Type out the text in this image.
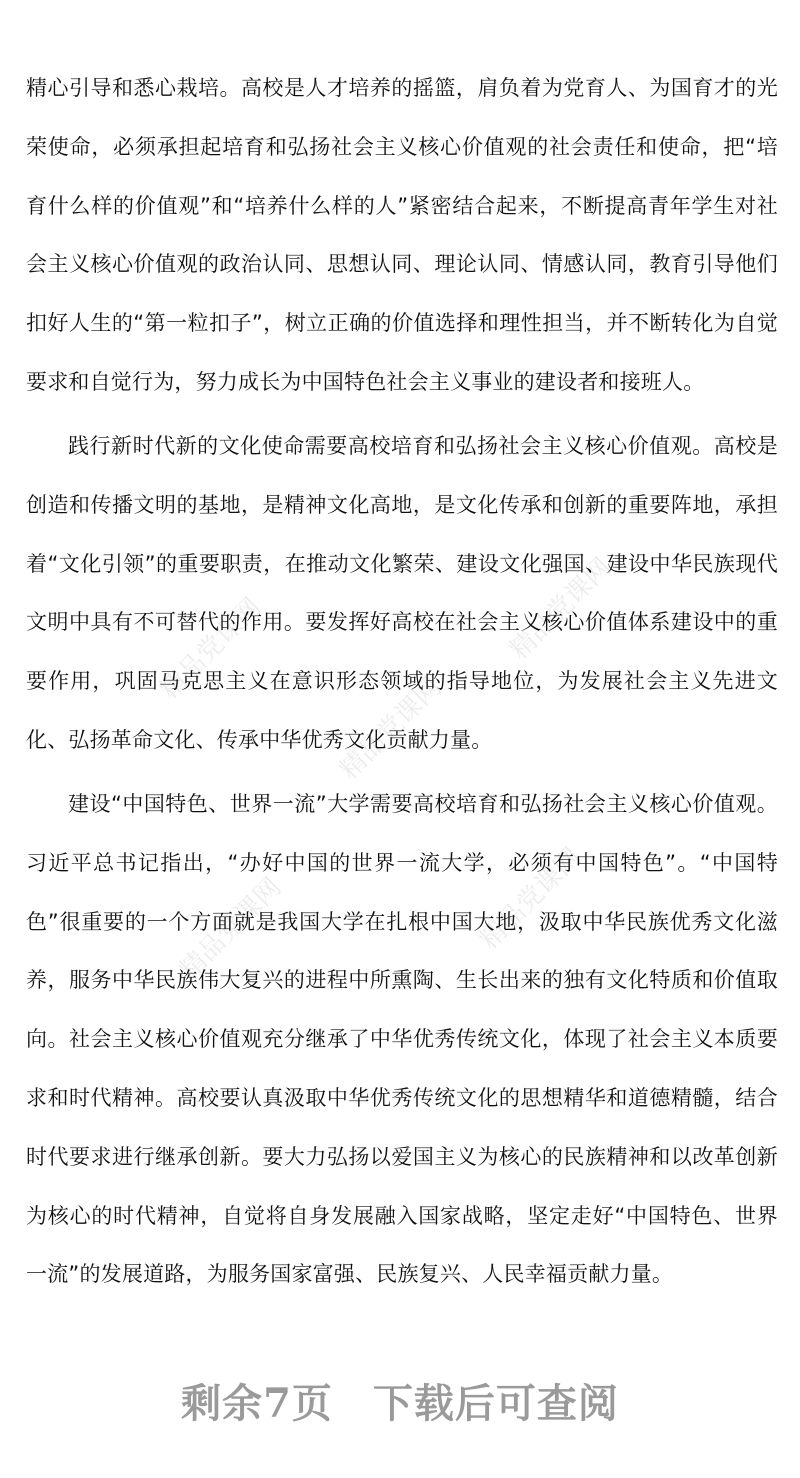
精品党课网	精品党课网
精品党课网
精品党课网	精品党课网

精心引导和悉心栽培。高校是人才培养的摇篮，肩负着为党育人、为国育才的光荣使命，必须承担起培育和弘扬社会主义核心价值观的社会责任和使命，把“培育什么样的价值观”和“培养什么样的人”紧密结合起来，不断提高青年学生对社会主义核心价值观的政治认同、思想认同、理论认同、情感认同，教育引导他们扣好人生的“第一粒扣子”，树立正确的价值选择和理性担当，并不断转化为自觉要求和自觉行为，努力成长为中国特色社会主义事业的建设者和接班人。

践行新时代新的文化使命需要高校培育和弘扬社会主义核心价值观。高校是创造和传播文明的基地，是精神文化高地，是文化传承和创新的重要阵地，承担着“文化引领”的重要职责，在推动文化繁荣、建设文化强国、建设中华民族现代文明中具有不可替代的作用。要发挥好高校在社会主义核心价值体系建设中的重要作用，巩固马克思主义在意识形态领域的指导地位，为发展社会主义先进文化、弘扬革命文化、传承中华优秀文化贡献力量。

建设“中国特色、世界一流”大学需要高校培育和弘扬社会主义核心价值观。习近平总书记指出，“办好中国的世界一流大学，必须有中国特色”。“中国特色”很重要的一个方面就是我国大学在扎根中国大地，汲取中华民族优秀文化滋养，服务中华民族伟大复兴的进程中所熏陶、生长出来的独有文化特质和价值取向。社会主义核心价值观充分继承了中华优秀传统文化，体现了社会主义本质要求和时代精神。高校要认真汲取中华优秀传统文化的思想精华和道德精髓，结合时代要求进行继承创新。要大力弘扬以爱国主义为核心的民族精神和以改革创新为核心的时代精神，自觉将自身发展融入国家战略，坚定走好“中国特色、世界一流”的发展道路，为服务国家富强、民族复兴、人民幸福贡献力量。

剩余7页 下载后可查阅
